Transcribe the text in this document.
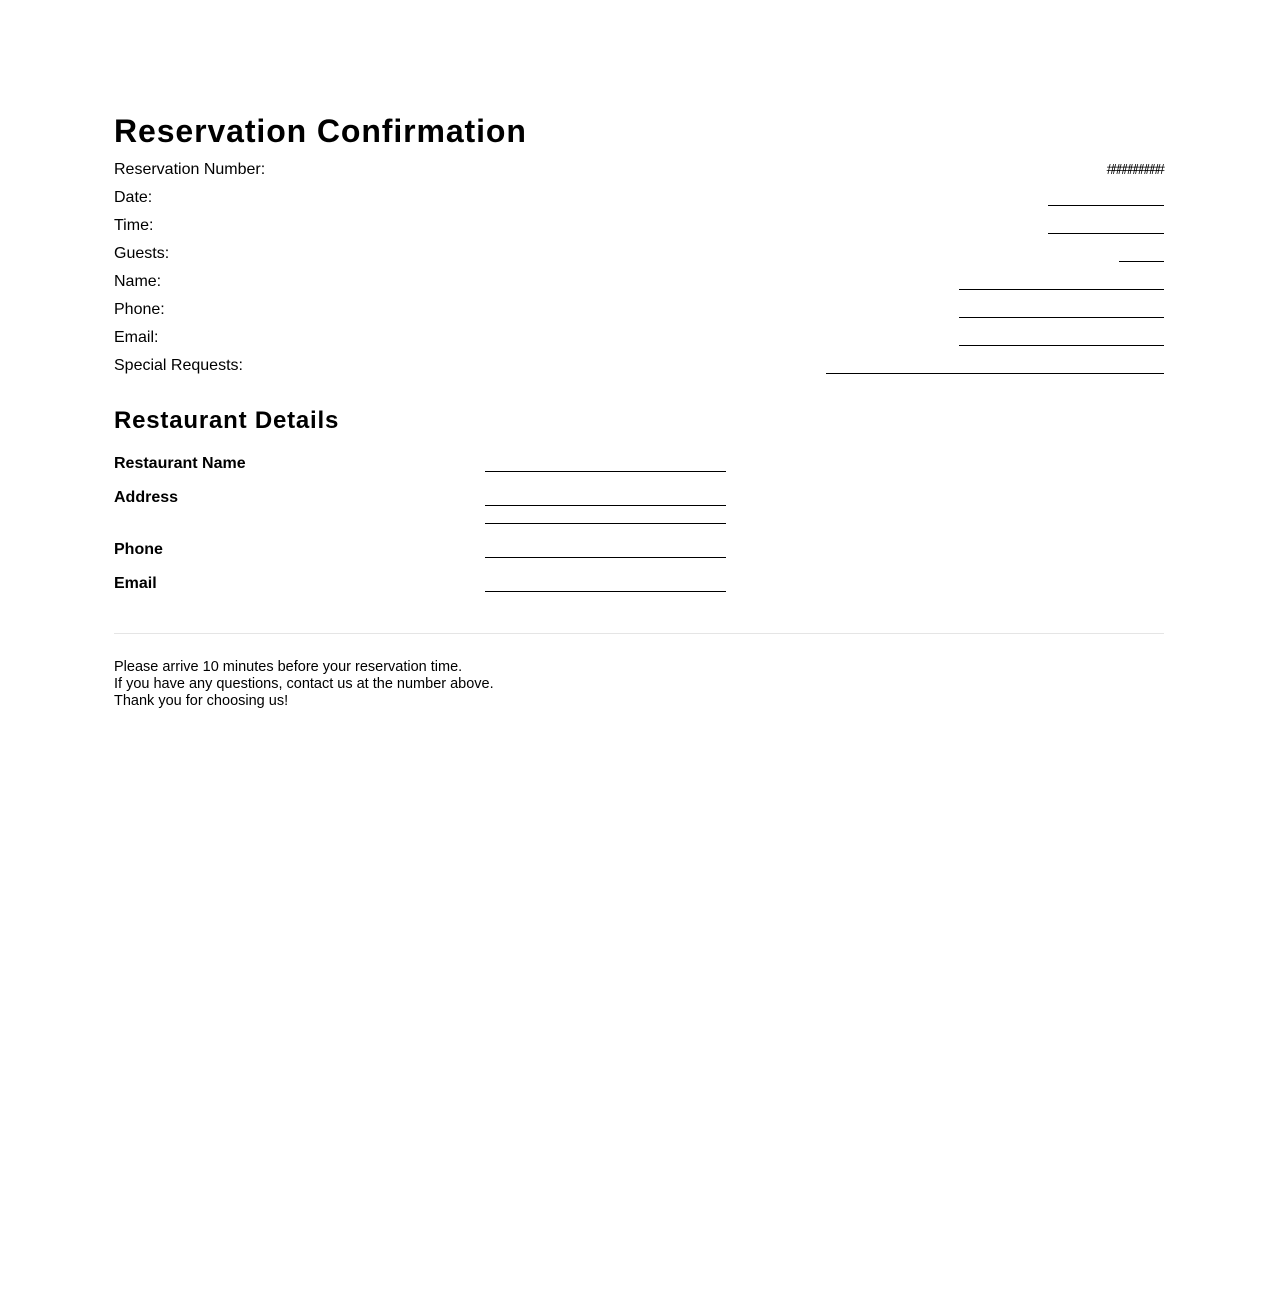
Reservation Confirmation
Reservation Number:	##########
Date:
Time:
Guests:
Name:
Phone:
Email:
Special Requests:
Restaurant Details
Restaurant Name
Address
Phone
Email
Please arrive 10 minutes before your reservation time.
If you have any questions, contact us at the number above.
Thank you for choosing us!
